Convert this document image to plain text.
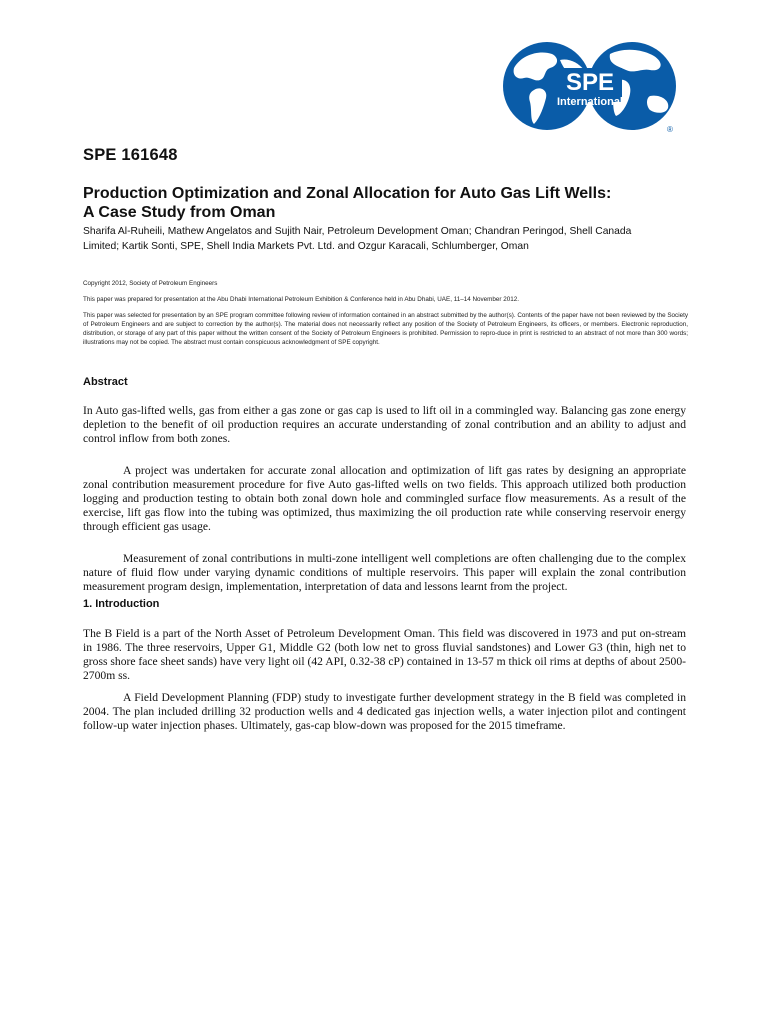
SPE
International
®
SPE 161648
Production Optimization and Zonal Allocation for Auto Gas Lift Wells:
A Case Study from Oman

Sharifa Al-Ruheili, Mathew Angelatos and Sujith Nair, Petroleum Development Oman; Chandran Peringod, Shell Canada
Limited; Kartik Sonti, SPE, Shell India Markets Pvt. Ltd. and Ozgur Karacali, Schlumberger, Oman

Copyright 2012, Society of Petroleum Engineers

This paper was prepared for presentation at the Abu Dhabi International Petroleum Exhibition & Conference held in Abu Dhabi, UAE, 11–14 November 2012.

This paper was selected for presentation by an SPE program committee following review of information contained in an abstract submitted by the author(s). Contents of the paper have not been reviewed by the Society of Petroleum Engineers and are subject to correction by the author(s). The material does not necessarily reflect any position of the Society of Petroleum Engineers, its officers, or members. Electronic reproduction, distribution, or storage of any part of this paper without the written consent of the Society of Petroleum Engineers is prohibited. Permission to repro-duce in print is restricted to an abstract of not more than 300 words; illustrations may not be copied. The abstract must contain conspicuous acknowledgment of SPE copyright.

Abstract

In Auto gas-lifted wells, gas from either a gas zone or gas cap is used to lift oil in a commingled way. Balancing gas zone energy depletion to the benefit of oil production requires an accurate understanding of zonal contribution and an ability to adjust and control inflow from both zones.

A project was undertaken for accurate zonal allocation and optimization of lift gas rates by designing an appropriate zonal contribution measurement procedure for five Auto gas-lifted wells on two fields. This approach utilized both production logging and production testing to obtain both zonal down hole and commingled surface flow measurements. As a result of the exercise, lift gas flow into the tubing was optimized, thus maximizing the oil production rate while conserving reservoir energy through efficient gas usage.

Measurement of zonal contributions in multi-zone intelligent well completions are often challenging due to the complex nature of fluid flow under varying dynamic conditions of multiple reservoirs. This paper will explain the zonal contribution measurement program design, implementation, interpretation of data and lessons learnt from the project.

1. Introduction

The B Field is a part of the North Asset of Petroleum Development Oman. This field was discovered in 1973 and put on-stream in 1986. The three reservoirs, Upper G1, Middle G2 (both low net to gross fluvial sandstones) and Lower G3 (thin, high net to gross shore face sheet sands) have very light oil (42 API, 0.32-38 cP) contained in 13-57 m thick oil rims at depths of about 2500-2700m ss.

A Field Development Planning (FDP) study to investigate further development strategy in the B field was completed in 2004. The plan included drilling 32 production wells and 4 dedicated gas injection wells, a water injection pilot and contingent follow-up water injection phases. Ultimately, gas-cap blow-down was proposed for the 2015 timeframe.
